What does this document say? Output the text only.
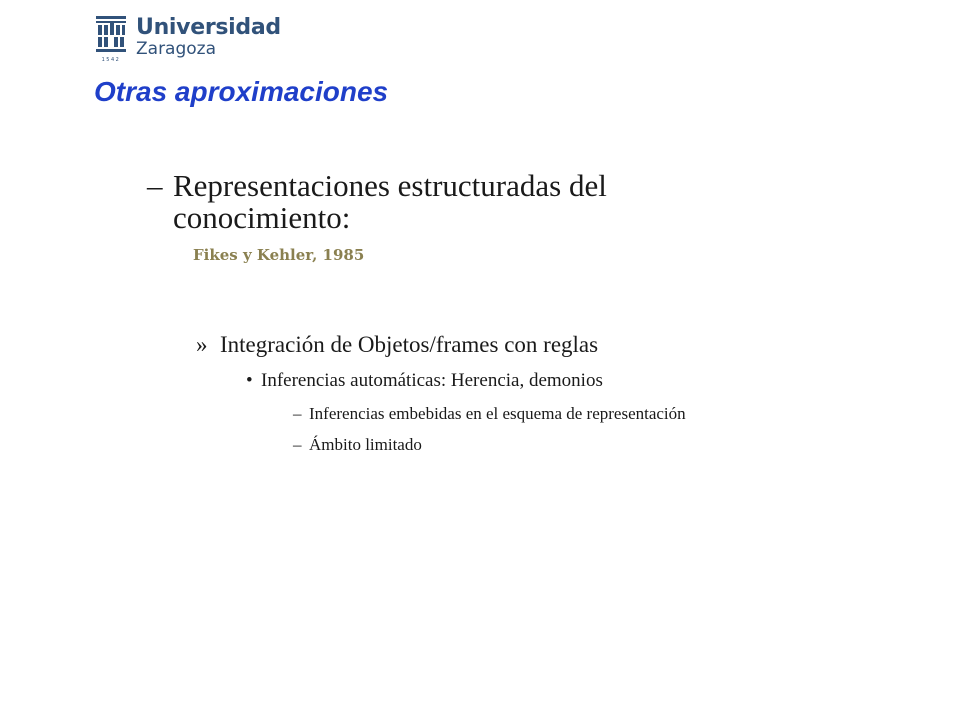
1542
Universidad
Zaragoza
Otras aproximaciones
– Representaciones estructuradas del conocimiento:
Fikes y Kehler, 1985
» Integración de Objetos/frames con reglas
• Inferencias automáticas: Herencia, demonios
– Inferencias embebidas en el esquema de representación
– Ámbito limitado
